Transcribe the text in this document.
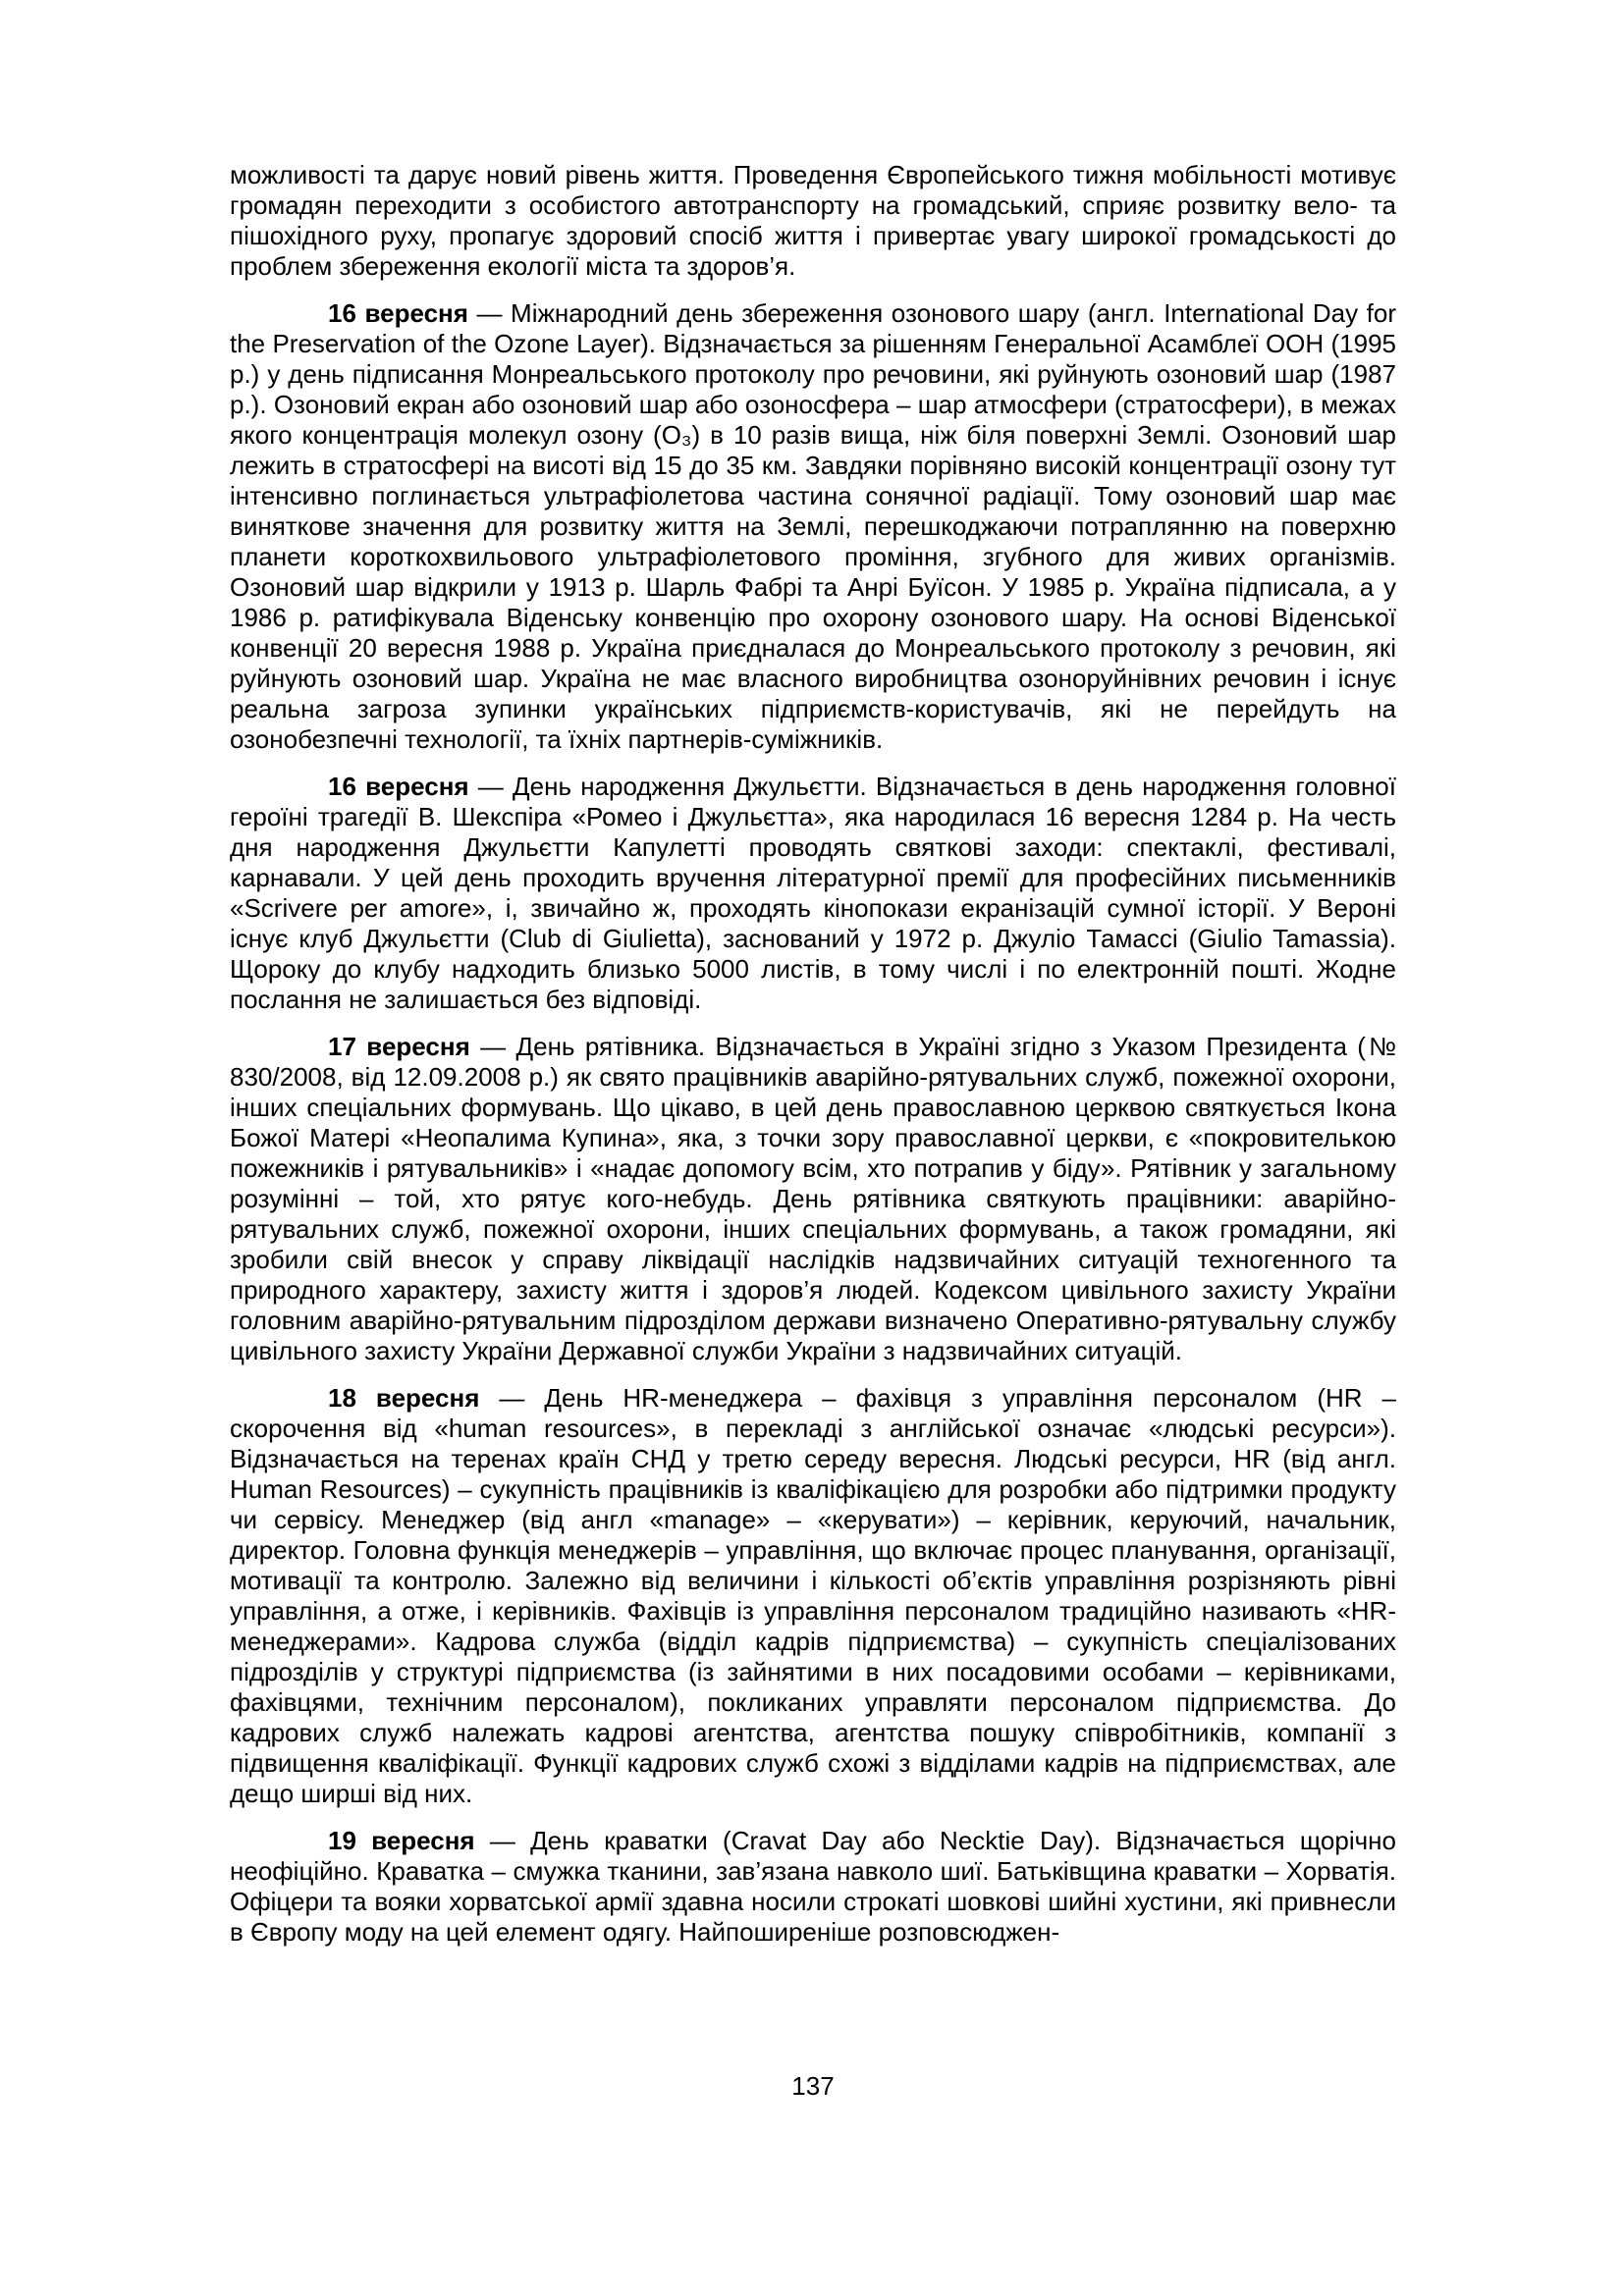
можливості та дарує новий рівень життя. Проведення Європейського тижня мобільності мотивує громадян переходити з особистого автотранспорту на громадський, сприяє розвитку вело- та пішохідного руху, пропагує здоровий спосіб життя і привертає увагу широкої громадськості до проблем збереження екології міста та здоров’я.

16 вересня — Міжнародний день збереження озонового шару (англ. International Day for the Preservation of the Ozone Layer). Відзначається за рішенням Генеральної Асамблеї ООН (1995 р.) у день підписання Монреальського протоколу про речовини, які руйнують озоновий шар (1987 р.). Озоновий екран або озоновий шар або озоносфера – шар атмосфери (стратосфери), в межах якого концентрація молекул озону (О₃) в 10 разів вища, ніж біля поверхні Землі. Озоновий шар лежить в стратосфері на висоті від 15 до 35 км. Завдяки порівняно високій концентрації озону тут інтенсивно поглинається ультрафіолетова частина сонячної радіації. Тому озоновий шар має виняткове значення для розвитку життя на Землі, перешкоджаючи потраплянню на поверхню планети короткохвильового ультрафіолетового проміння, згубного для живих організмів. Озоновий шар відкрили у 1913 р. Шарль Фабрі та Анрі Буїсон. У 1985 р. Україна підписала, а у 1986 р. ратифікувала Віденську конвенцію про охорону озонового шару. На основі Віденської конвенції 20 вересня 1988 р. Україна приєдналася до Монреальського протоколу з речовин, які руйнують озоновий шар. Україна не має власного виробництва озоноруйнівних речовин і існує реальна загроза зупинки українських підприємств-користувачів, які не перейдуть на озонобезпечні технології, та їхніх партнерів-суміжників.

16 вересня — День народження Джульєтти. Відзначається в день народження головної героїні трагедії В. Шекспіра «Ромео і Джульєтта», яка народилася 16 вересня 1284 р. На честь дня народження Джульєтти Капулетті проводять святкові заходи: спектаклі, фестивалі, карнавали. У цей день проходить вручення літературної премії для професійних письменників «Scrivere per amore», і, звичайно ж, проходять кінопокази екранізацій сумної історії. У Вероні існує клуб Джульєтти (Club di Giulietta), заснований у 1972 р. Джуліо Тамассі (Giulio Tamassia). Щороку до клубу надходить близько 5000 листів, в тому числі і по електронній пошті. Жодне послання не залишається без відповіді.

17 вересня — День рятівника. Відзначається в Україні згідно з Указом Президента (№ 830/2008, від 12.09.2008 р.) як свято працівників аварійно-рятувальних служб, пожежної охорони, інших спеціальних формувань. Що цікаво, в цей день православною церквою святкується Ікона Божої Матері «Неопалима Купина», яка, з точки зору православної церкви, є «покровителькою пожежників і рятувальників» і «надає допомогу всім, хто потрапив у біду». Рятівник у загальному розумінні – той, хто рятує кого-небудь. День рятівника святкують працівники: аварійно-рятувальних служб, пожежної охорони, інших спеціальних формувань, а також громадяни, які зробили свій внесок у справу ліквідації наслідків надзвичайних ситуацій техногенного та природного характеру, захисту життя і здоров’я людей. Кодексом цивільного захисту України головним аварійно-рятувальним підрозділом держави визначено Оперативно-рятувальну службу цивільного захисту України Державної служби України з надзвичайних ситуацій.

18 вересня — День HR-менеджера – фахівця з управління персоналом (HR – скорочення від «human resources», в перекладі з англійської означає «людські ресурси»). Відзначається на теренах країн СНД у третю середу вересня. Людські ресурси, HR (від англ. Human Resources) – сукупність працівників із кваліфікацією для розробки або підтримки продукту чи сервісу. Менеджер (від англ «manage» – «керувати») – керівник, керуючий, начальник, директор. Головна функція менеджерів – управління, що включає процес планування, організації, мотивації та контролю. Залежно від величини і кількості об’єктів управління розрізняють рівні управління, а отже, і керівників. Фахівців із управління персоналом традиційно називають «HR-менеджерами». Кадрова служба (відділ кадрів підприємства) – сукупність спеціалізованих підрозділів у структурі підприємства (із зайнятими в них посадовими особами – керівниками, фахівцями, технічним персоналом), покликаних управляти персоналом підприємства. До кадрових служб належать кадрові агентства, агентства пошуку співробітників, компанії з підвищення кваліфікації. Функції кадрових служб схожі з відділами кадрів на підприємствах, але дещо ширші від них.

19 вересня — День краватки (Cravat Day або Necktie Day). Відзначається щорічно неофіційно. Краватка – смужка тканини, зав’язана навколо шиї. Батьківщина краватки – Хорватія. Офіцери та вояки хорватської армії здавна носили строкаті шовкові шийні хустини, які привнесли в Європу моду на цей елемент одягу. Найпоширеніше розповсюджен-

137
